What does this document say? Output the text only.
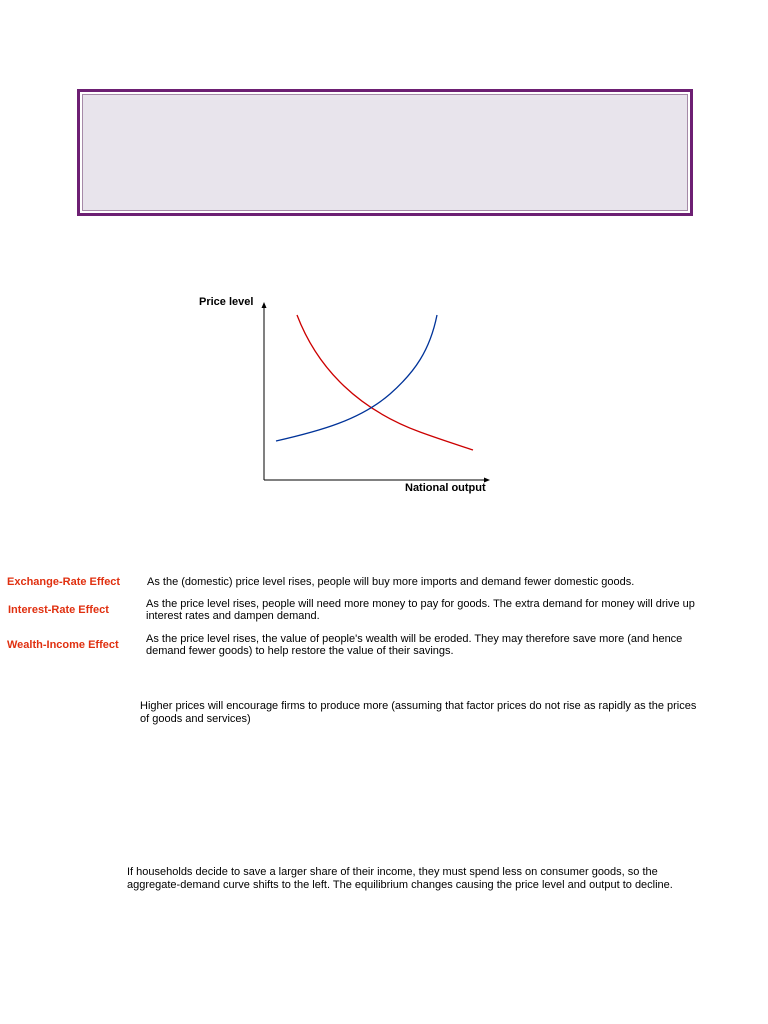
Price level
National output
Exchange-Rate Effect As the (domestic) price level rises, people will buy more imports and demand fewer domestic goods.
Interest-Rate Effect	As the price level rises, people will need more money to pay for goods. The extra demand for money will drive up interest rates and dampen demand.
Wealth-Income Effect As the price level rises, the value of people's wealth will be eroded. They may therefore save more (and hence demand fewer goods) to help restore the value of their savings.
Higher prices will encourage firms to produce more (assuming that factor prices do not rise as rapidly as the prices of goods and services)
If households decide to save a larger share of their income, they must spend less on consumer goods, so the aggregate-demand curve shifts to the left. The equilibrium changes causing the price level and output to decline.
